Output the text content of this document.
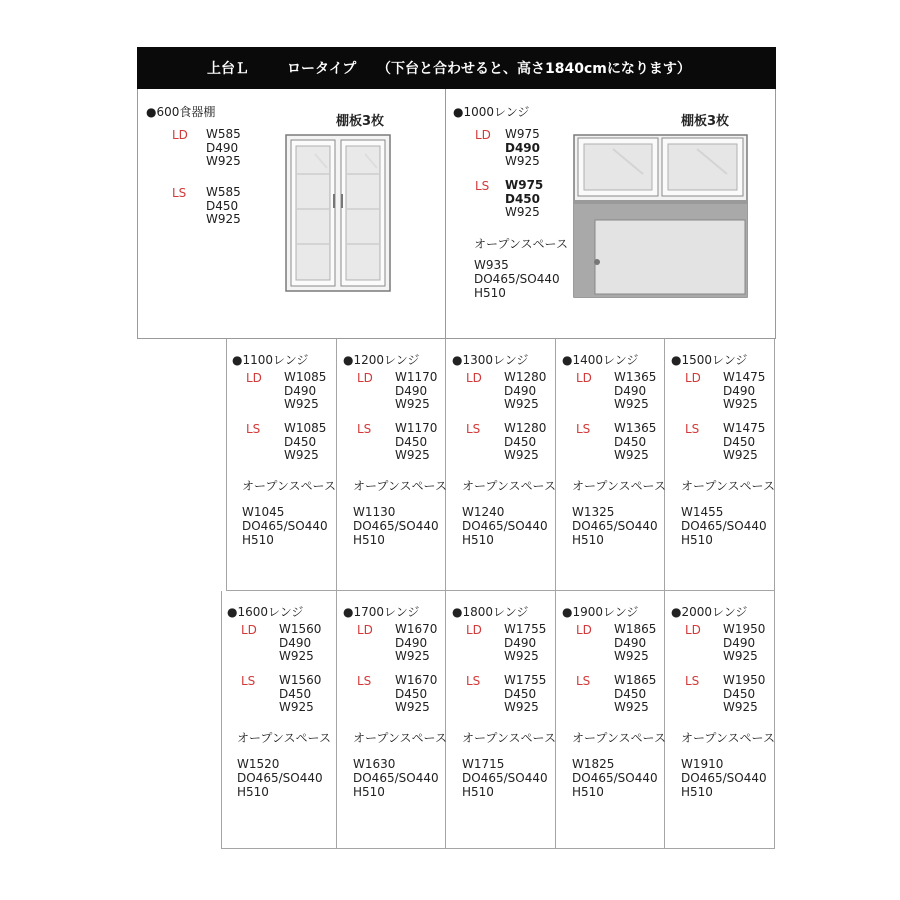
上台Ｌ	ロータイプ （下台と合わせると、高さ1840cmになります）
●600食器棚
棚板3枚
LD W585
D490
W925
LS W585
D450
W925
●1000レンジ
棚板3枚
LD W975
D490
W925
LS W975
D450
W925
オープンスペース
W935
DO465/SO440
H510
●1100レンジ
LD W1085
D490
W925
LS W1085
D450
W925
オープンスペース
W1045
DO465/SO440
H510
●1200レンジ
LD W1170
D490
W925
LS W1170
D450
W925
オープンスペース
W1130
DO465/SO440
H510
●1300レンジ
LD W1280
D490
W925
LS W1280
D450
W925
オープンスペース
W1240
DO465/SO440
H510
●1400レンジ
LD W1365
D490
W925
LS W1365
D450
W925
オープンスペース
W1325
DO465/SO440
H510
●1500レンジ
LD W1475
D490
W925
LS W1475
D450
W925
オープンスペース
W1455
DO465/SO440
H510
●1600レンジ
LD W1560
D490
W925
LS W1560
D450
W925
オープンスペース
W1520
DO465/SO440
H510
●1700レンジ
LD W1670
D490
W925
LS W1670
D450
W925
オープンスペース
W1630
DO465/SO440
H510
●1800レンジ
LD W1755
D490
W925
LS W1755
D450
W925
オープンスペース
W1715
DO465/SO440
H510
●1900レンジ
LD W1865
D490
W925
LS W1865
D450
W925
オープンスペース
W1825
DO465/SO440
H510
●2000レンジ
LD W1950
D490
W925
LS W1950
D450
W925
オープンスペース
W1910
DO465/SO440
H510
